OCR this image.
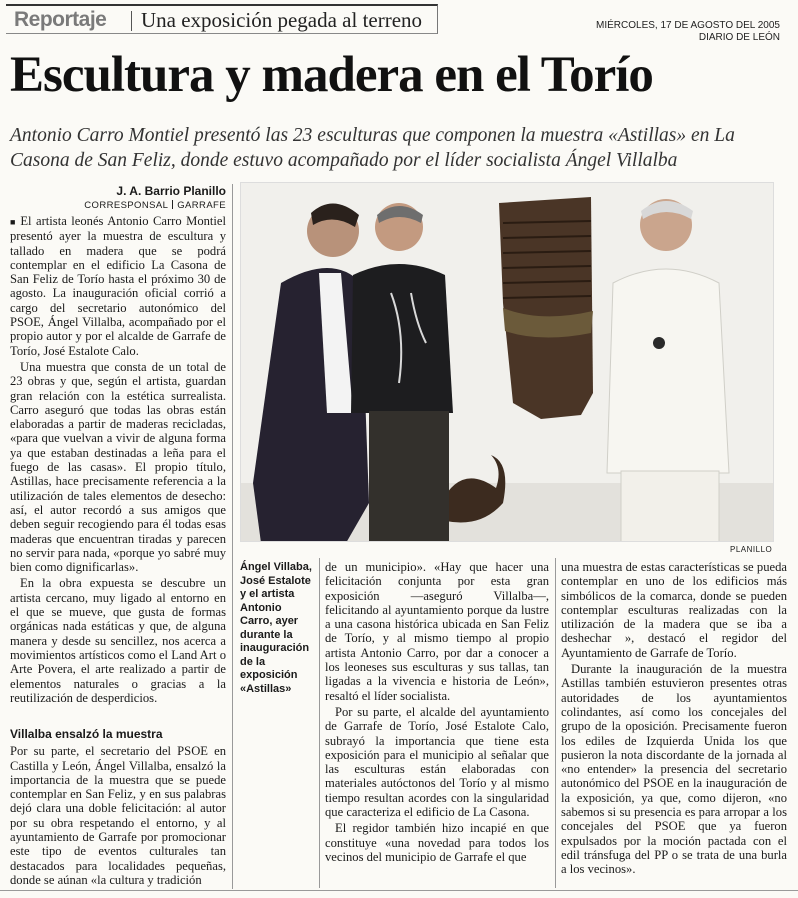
Reportaje Una exposición pegada al terreno	MIÉRCOLES, 17 DE AGOSTO DEL 2005
DIARIO DE LEÓN
Escultura y madera en el Torío
Antonio Carro Montiel presentó las 23 esculturas que componen la muestra «Astillas» en La Casona de San Feliz, donde estuvo acompañado por el líder socialista Ángel Villalba
J. A. Barrio Planillo
CORRESPONSAL GARRAFE

■ El artista leonés Antonio Carro Montiel presentó ayer la muestra de escultura y tallado en madera que se podrá contemplar en el edificio La Casona de San Feliz de Torío hasta el próximo 30 de agosto. La inauguración oficial corrió a cargo del secretario autonómico del PSOE, Ángel Villalba, acompañado por el propio autor y por el alcalde de Garrafe de Torío, José Estalote Calo.

Una muestra que consta de un total de 23 obras y que, según el artista, guardan gran relación con la estética surrealista. Carro aseguró que todas las obras están elaboradas a partir de maderas recicladas, «para que vuelvan a vivir de alguna forma ya que estaban destinadas a leña para el fuego de las casas». El propio título, Astillas, hace precisamente referencia a la utilización de tales elementos de desecho: así, el autor recordó a sus amigos que deben seguir recogiendo para él todas esas maderas que encuentran tiradas y parecen no servir para nada, «porque yo sabré muy bien como dignificarlas».

En la obra expuesta se descubre un artista cercano, muy ligado al entorno en el que se mueve, que gusta de formas orgánicas nada estáticas y que, de alguna manera y desde su sencillez, nos acerca a movimientos artísticos como el Land Art o Arte Povera, el arte realizado a partir de elementos naturales o gracias a la reutilización de desperdicios.

Villalba ensalzó la muestra

Por su parte, el secretario del PSOE en Castilla y León, Ángel Villalba, ensalzó la importancia de la muestra que se puede contemplar en San Feliz, y en sus palabras dejó clara una doble felicitación: al autor por su obra respetando el entorno, y al ayuntamiento de Garrafe por promocionar este tipo de eventos culturales tan destacados para localidades pequeñas, donde se aúnan «la cultura y tradición

PLANILLO
Ángel Villaba, José Estalote y el artista Antonio Carro, ayer durante la inauguración de la exposición «Astillas»

de un municipio». «Hay que hacer una felicitación conjunta por esta gran exposición —aseguró Villalba—, felicitando al ayuntamiento porque da lustre a una casona histórica ubicada en San Feliz de Torío, y al mismo tiempo al propio artista Antonio Carro, por dar a conocer a los leoneses sus esculturas y sus tallas, tan ligadas a la vivencia e historia de León», resaltó el líder socialista.

Por su parte, el alcalde del ayuntamiento de Garrafe de Torío, José Estalote Calo, subrayó la importancia que tiene esta exposición para el municipio al señalar que las esculturas están elaboradas con materiales autóctonos del Torío y al mismo tiempo resultan acordes con la singularidad que caracteriza el edificio de La Casona.

El regidor también hizo incapié en que constituye «una novedad para todos los vecinos del municipio de Garrafe el que

una muestra de estas características se pueda contemplar en uno de los edificios más simbólicos de la comarca, donde se pueden contemplar esculturas realizadas con la utilización de la madera que se iba a deshechar », destacó el regidor del Ayuntamiento de Garrafe de Torío.

Durante la inauguración de la muestra Astillas también estuvieron presentes otras autoridades de los ayuntamientos colindantes, así como los concejales del grupo de la oposición. Precisamente fueron los ediles de Izquierda Unida los que pusieron la nota discordante de la jornada al «no entender» la presencia del secretario autonómico del PSOE en la inauguración de la exposición, ya que, como dijeron, «no sabemos si su presencia es para arropar a los concejales del PSOE que ya fueron expulsados por la moción pactada con el edil tránsfuga del PP o se trata de una burla a los vecinos».
